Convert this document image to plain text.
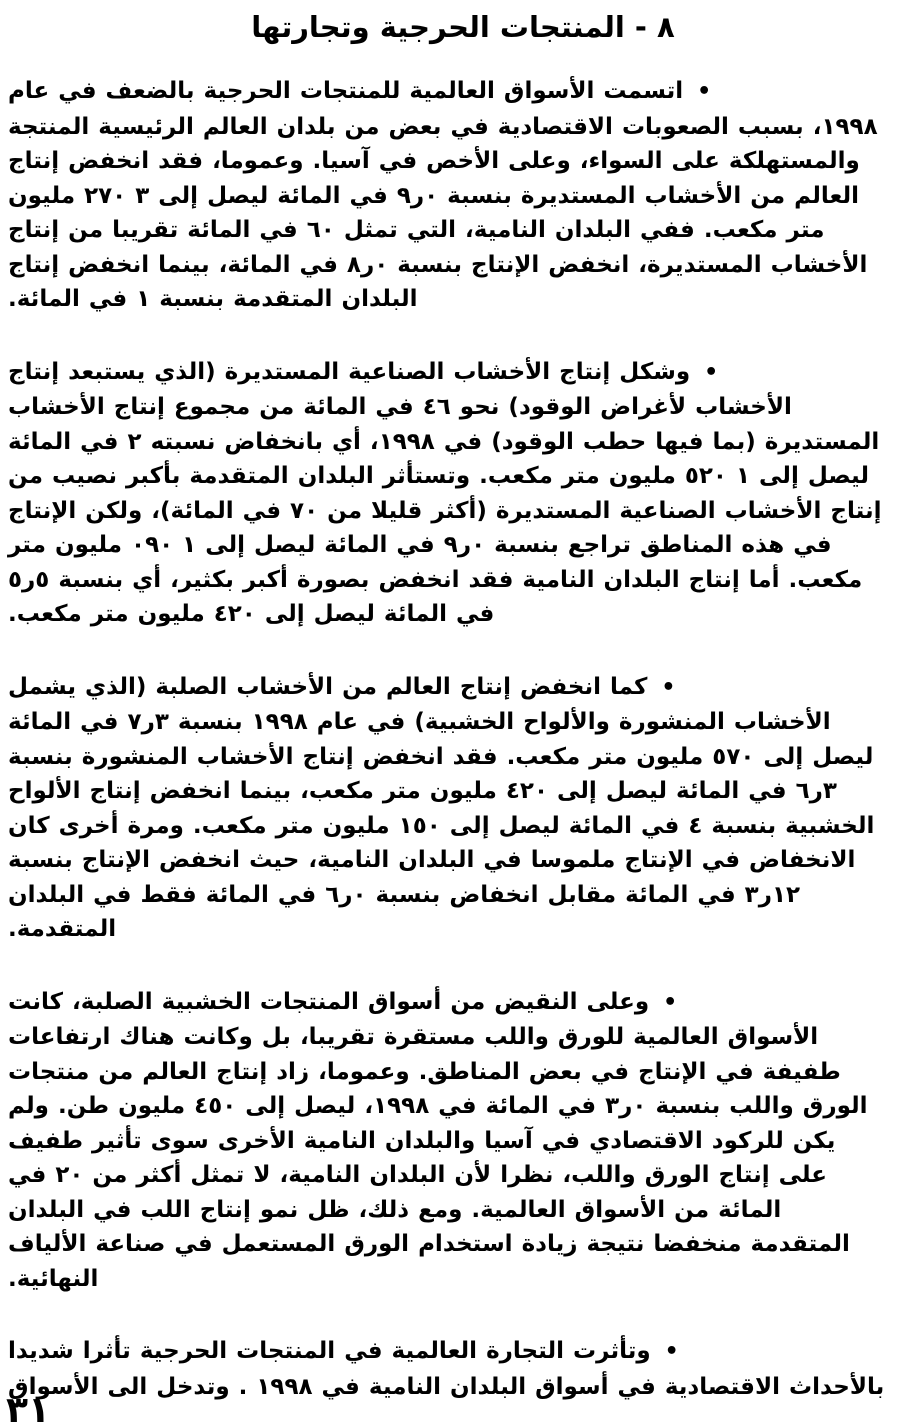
٨ - المنتجات الحرجية وتجارتها

•اتسمت الأسواق العالمية للمنتجات الحرجية بالضعف في عام ١٩٩٨، بسبب الصعوبات الاقتصادية في بعض من بلدان العالم الرئيسية المنتجة والمستهلكة على السواء، وعلى الأخص في آسيا. وعموما، فقد انخفض إنتاج العالم من الأخشاب المستديرة بنسبة ٠ر٩ في المائة ليصل إلى ٣ ٢٧٠ مليون متر مكعب. ففي البلدان النامية، التي تمثل ٦٠ في المائة تقريبا من إنتاج الأخشاب المستديرة، انخفض الإنتاج بنسبة ٠ر٨ في المائة، بينما انخفض إنتاج البلدان المتقدمة بنسبة ١ في المائة.

•وشكل إنتاج الأخشاب الصناعية المستديرة (الذي يستبعد إنتاج الأخشاب لأغراض الوقود) نحو ٤٦ في المائة من مجموع إنتاج الأخشاب المستديرة (بما فيها حطب الوقود) في ١٩٩٨، أي بانخفاض نسبته ٢ في المائة ليصل إلى ١ ٥٢٠ مليون متر مكعب. وتستأثر البلدان المتقدمة بأكبر نصيب من إنتاج الأخشاب الصناعية المستديرة (أكثر قليلا من ٧٠ في المائة)، ولكن الإنتاج في هذه المناطق تراجع بنسبة ٠ر٩ في المائة ليصل إلى ١ ٠٩٠ مليون متر مكعب. أما إنتاج البلدان النامية فقد انخفض بصورة أكبر بكثير، أي بنسبة ٥ر٥ في المائة ليصل إلى ٤٢٠ مليون متر مكعب.

•كما انخفض إنتاج العالم من الأخشاب الصلبة (الذي يشمل الأخشاب المنشورة والألواح الخشبية) في عام ١٩٩٨ بنسبة ٣ر٧ في المائة ليصل إلى ٥٧٠ مليون متر مكعب. فقد انخفض إنتاج الأخشاب المنشورة بنسبة ٣ر٦ في المائة ليصل إلى ٤٢٠ مليون متر مكعب، بينما انخفض إنتاج الألواح الخشبية بنسبة ٤ في المائة ليصل إلى ١٥٠ مليون متر مكعب. ومرة أخرى كان الانخفاض في الإنتاج ملموسا في البلدان النامية، حيث انخفض الإنتاج بنسبة ١٢ر٣ في المائة مقابل انخفاض بنسبة ٠ر٦ في المائة فقط في البلدان المتقدمة.

•وعلى النقيض من أسواق المنتجات الخشبية الصلبة، كانت الأسواق العالمية للورق واللب مستقرة تقريبا، بل وكانت هناك ارتفاعات طفيفة في الإنتاج في بعض المناطق. وعموما، زاد إنتاج العالم من منتجات الورق واللب بنسبة ٠ر٣ في المائة في ١٩٩٨، ليصل إلى ٤٥٠ مليون طن. ولم يكن للركود الاقتصادي في آسيا والبلدان النامية الأخرى سوى تأثير طفيف على إنتاج الورق واللب، نظرا لأن البلدان النامية، لا تمثل أكثر من ٢٠ في المائة من الأسواق العالمية. ومع ذلك، ظل نمو إنتاج اللب في البلدان المتقدمة منخفضا نتيجة زيادة استخدام الورق المستعمل في صناعة الألياف النهائية.

•وتأثرت التجارة العالمية في المنتجات الحرجية تأثرا شديدا بالأحداث الاقتصادية في أسواق البلدان النامية في ١٩٩٨ . وتدخل الى الأسواق

٣١
